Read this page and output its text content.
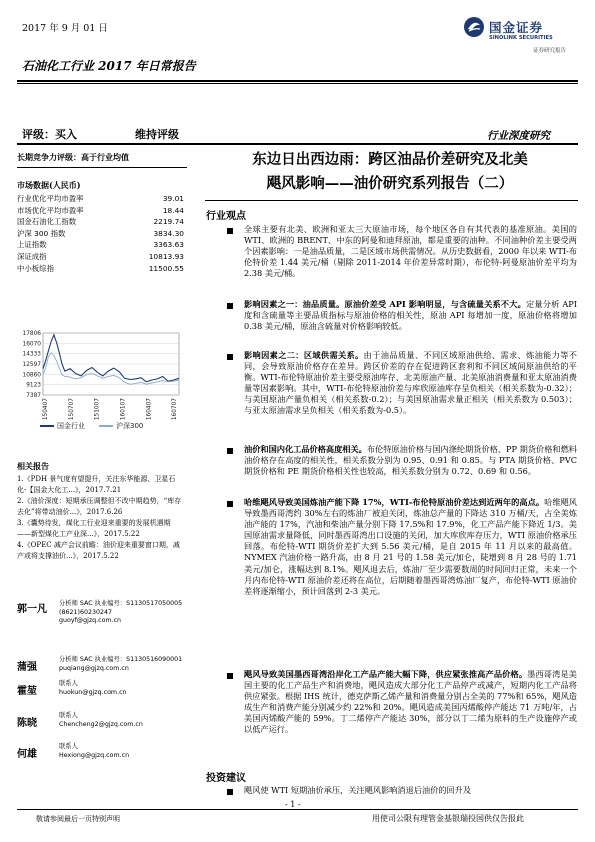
2017 年 9 月 01 日	国金证券
SINOLINK SECURITIES
证券研究报告
石油化工行业 2017 年日常报告
评级： 买入	维持评级	行业深度研究
长期竞争力评级：高于行业均值
市场数据(人民币)
行业优化平均市盈率	39.01
市场优化平均市盈率	18.44
国金石油化工指数	2219.74
沪深 300 指数	3834.30
上证指数	3363.63
深证成指	10813.93
中小板综指	11500.55
17806
16070
14333
12597
10860
9123
7387
150407	150707	151007	160107	160407	160707
国金行业	沪深300
相关报告

1.《PDH 景气度有望提升，关注东华能源、卫星石化-【国金大化工...》，2017.7.21

2.《油价深度：短期承压调整但不改中期趋势，“库存去化”将带动油价...》，2017.6.26

3.《囊势待发，煤化工行业迎来重要的发展机遇期——新型煤化工产业深...》，2017.5.22

4.《OPEC 减产会议前瞻：油价迎来重要窗口期，减产或将支撑油价...》，2017.5.22

郭一凡
分析师 SAC 执业编号：S1130517050005
(8621)60230247
guoyf@gjzq.com.cn
蒲强
分析师 SAC 执业编号：S1130516090001
puqiang@gjzq.com.cn
霍堃
联系人
huokun@gjzq.com.cn
陈晓
联系人
Chencheng2@gjzq.com.cn
何雄
联系人
Hexiong@gjzq.com.cn
东边日出西边雨：跨区油品价差研究及北美
飓风影响——油价研究系列报告（二）
行业观点
全球主要有北美、欧洲和亚太三大原油市场，每个地区各自有其代表的基准原油。美国的 WTI、欧洲的 BRENT、中东的阿曼和迪拜原油，都是重要的油种。不同油种价差主要受两个因素影响：一是油品质量，二是区域市场供需情况。从历史数据看，2000 年以来 WTI-布伦特价差 1.44 美元/桶（剔除 2011-2014 年价差异常时期），布伦特-阿曼原油价差平均为 2.38 美元/桶。
影响因素之一：油品质量。原油价差受 API 影响明显，与含硫量关系不大。定量分析 API 度和含硫量等主要品质指标与原油价格的相关性，原油 API 每增加一度，原油价格将增加 0.38 美元/桶，原油含硫量对价格影响较低。
影响因素之二：区域供需关系。由于油品质量、不同区域原油供给、需求、炼油能力等不同，会导致原油价格存在差异。跨区价差的存在促进跨区套利和不同区域间原油供给的平衡。WTI-布伦特原油价差主要受原油库存、北美原油产量、北美原油消费量和亚太原油消费量等因素影响。其中，WTI-布伦特原油价差与库欣原油库存呈负相关（相关系数为-0.32）；与美国原油产量负相关（相关系数-0.2）；与美国原油需求量正相关（相关系数为 0.503）；与亚太原油需求呈负相关（相关系数为-0.5）。
油价和国内化工品价格高度相关。布伦特原油价格与国内涤纶期货价格、PP 期货价格和燃料油价格存在高度的相关性，相关系数分别为 0.95、0.91 和 0.85。与 PTA 期货价格、PVC 期货价格和 PE 期货价格相关性也较高，相关系数分别为 0.72、0.69 和 0.56。
哈维飓风导致美国炼油产能下降 17%，WTI-布伦特原油价差达到近两年的高点。哈维飓风导致墨西哥湾约 30%左右的炼油厂被迫关闭，炼油总产量的下降达 310 万桶/天，占全美炼油产能的 17%，汽油和柴油产量分别下降 17.5%和 17.9%，化工产品产能下降近 1/3。美国原油需求量降低，同时墨西哥湾出口设施的关闭，加大库欣库存压力，WTI 原油价格承压回落。布伦特-WTI 期货价差扩大到 5.56 美元/桶，是自 2015 年 11 月以来的最高值。NYMEX 汽油价格一路升高，由 8 月 21 号的 1.58 美元/加仑，陡增到 8 月 28 号的 1.71 美元/加仑，涨幅达到 8.1%。飓风退去后，炼油厂至少需要数周的时间回归正常，未来一个月内布伦特-WTI 原油价差还将在高位，后期随着墨西哥湾炼油厂复产，布伦特-WTI 原油价差将逐渐缩小，预计回落到 2-3 美元。
飓风导致美国墨西哥湾沿岸化工产品产能大幅下降，供应紧张推高产品价格。墨西哥湾是美国主要的化工产品生产和消费地，飓风造成大部分化工产品停产或减产，短期内化工产品将供应紧张。根据 IHS 统计，德克萨斯乙烯产量和消费量分别占全美的 77%和 65%，飓风造成生产和消费产能分别减少约 22%和 20%。飓风造成美国丙烯酸停产能达 71 万吨/年，占美国丙烯酸产能的 59%。丁二烯停产产能达 30%，部分以丁二烯为原料的生产设施停产或以低产运行。
投资建议
飓风使 WTI 短期油价承压，关注飓风影响消退后油价的回升及
- 1 -
敬请参阅最后一页特别声明	用使司公限有理管金基银瑞投国供仅告报此
